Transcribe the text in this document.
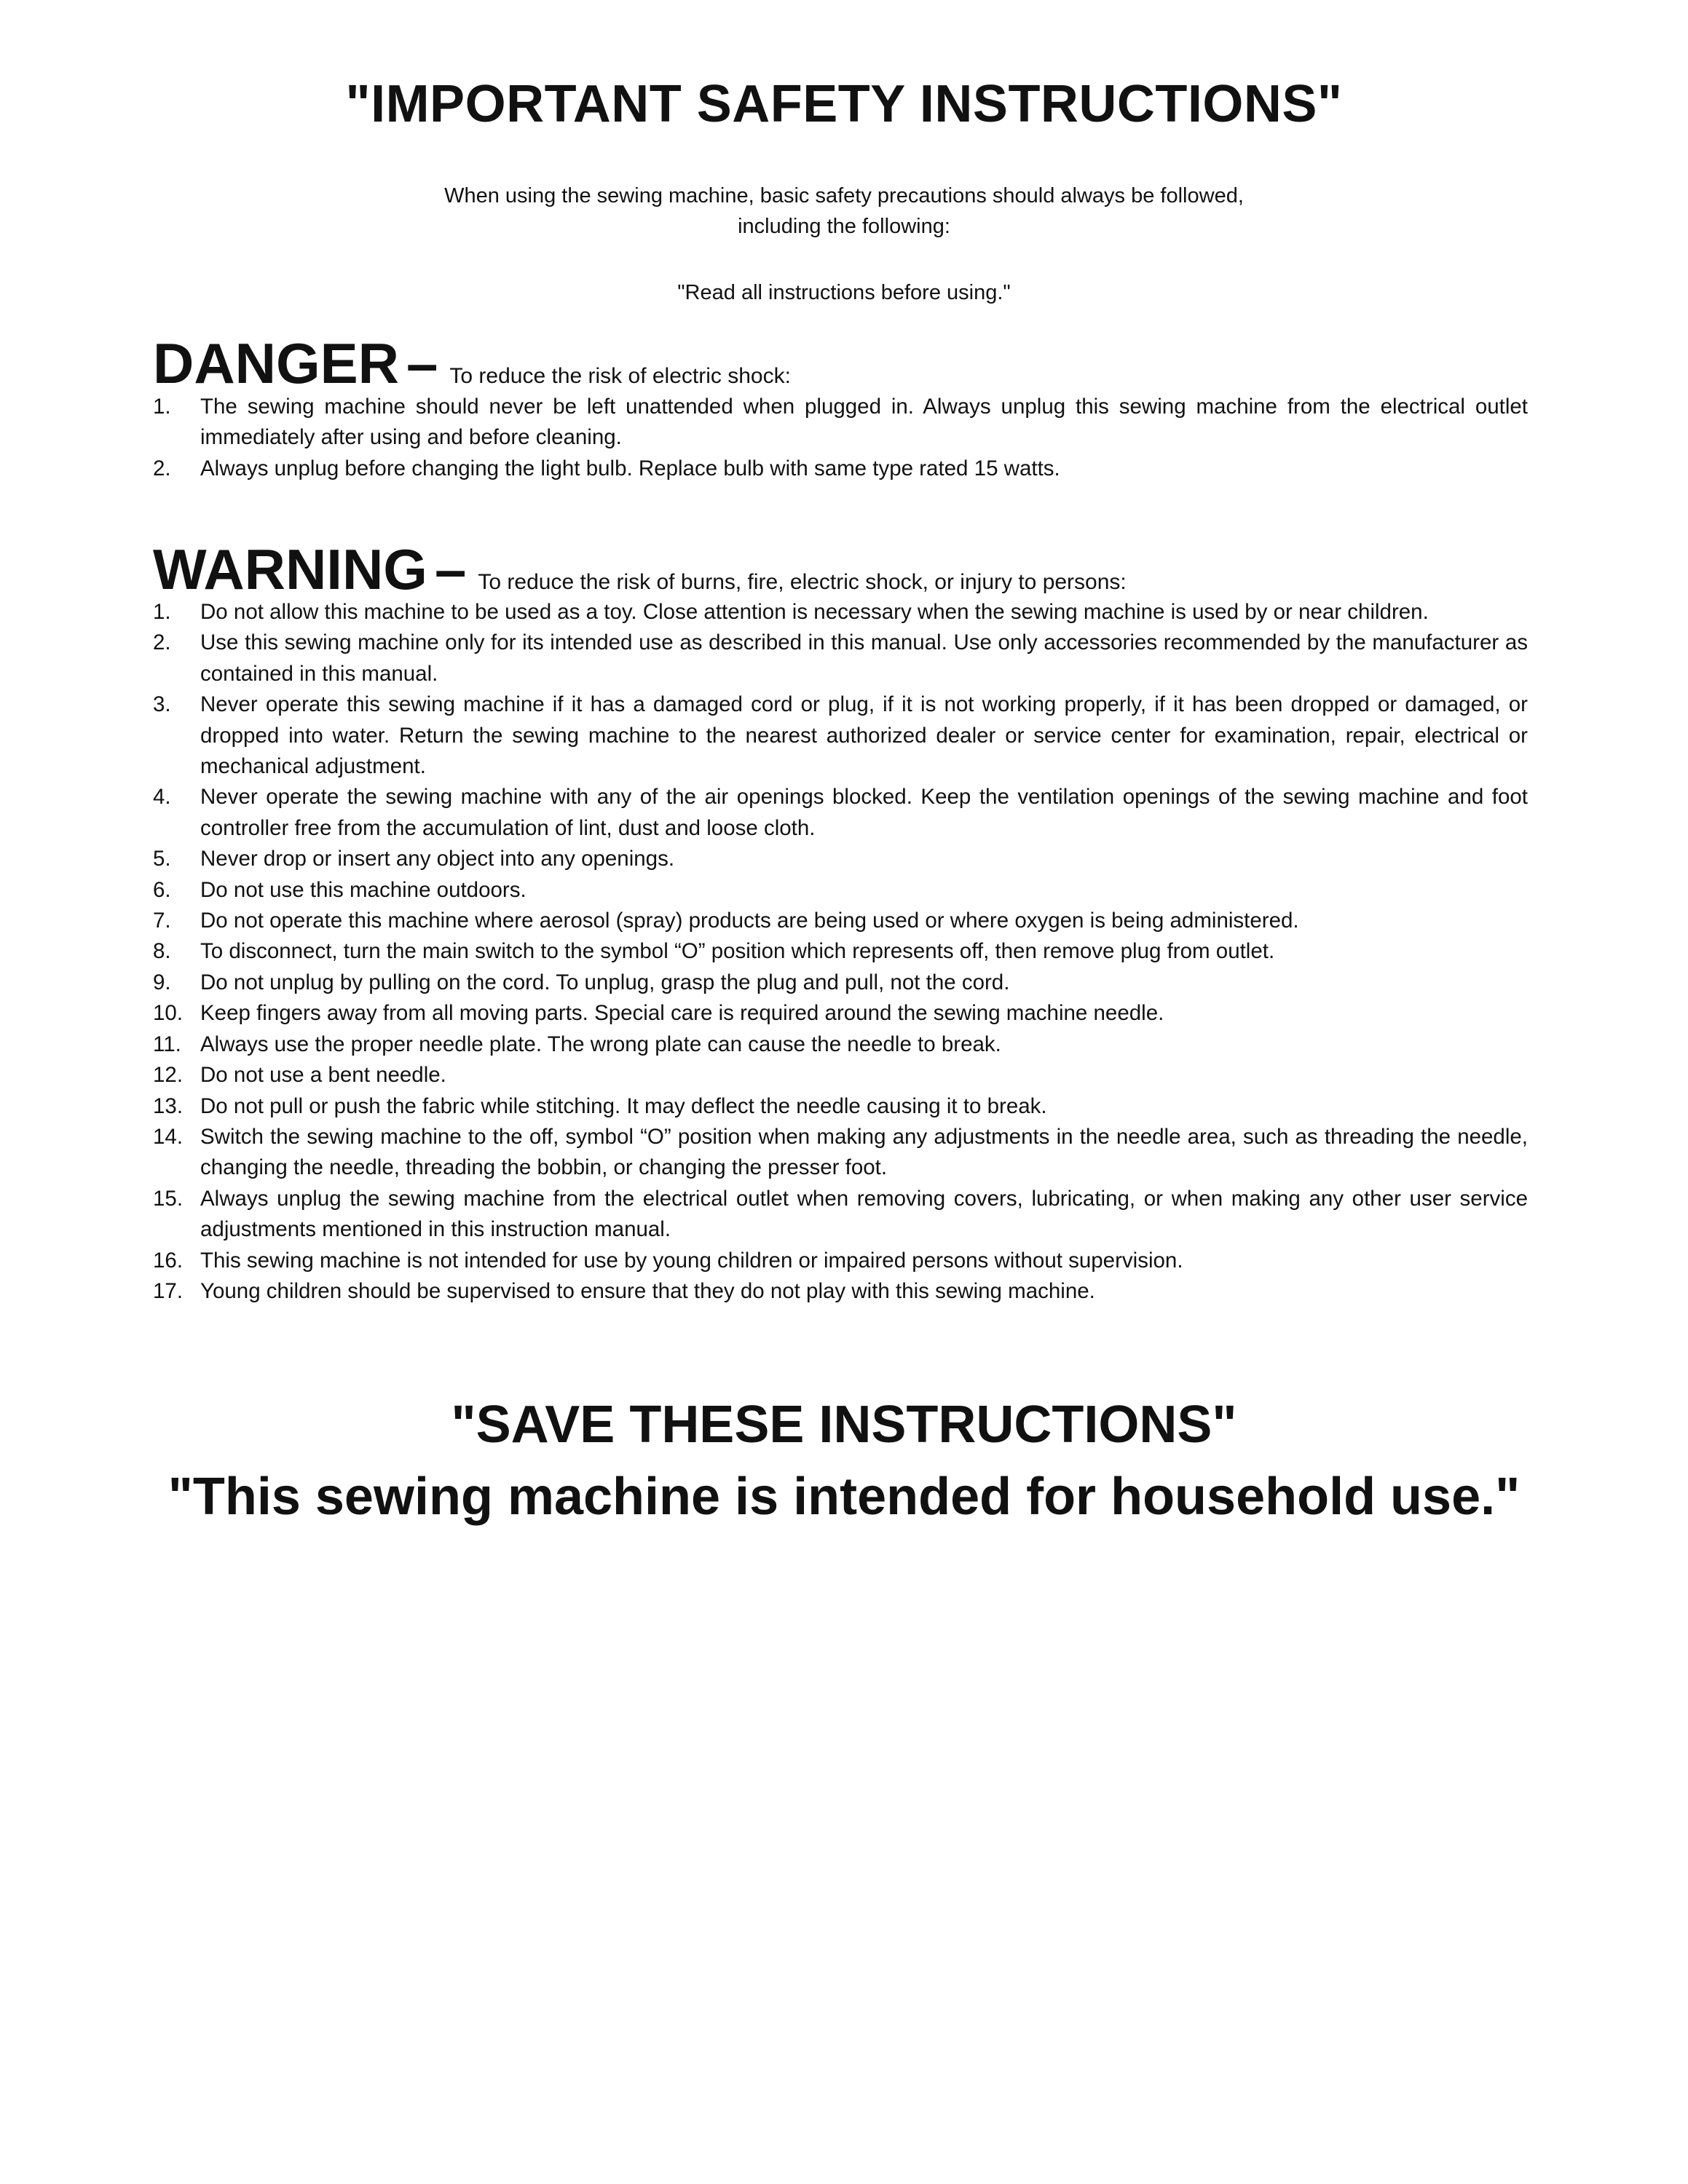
"IMPORTANT SAFETY INSTRUCTIONS"

When using the sewing machine, basic safety precautions should always be followed,

including the following:

"Read all instructions before using."
DANGER – To reduce the risk of electric shock:
1. The sewing machine should never be left unattended when plugged in. Always unplug this sewing machine from the electrical outlet immediately after using and before cleaning.
2. Always unplug before changing the light bulb. Replace bulb with same type rated 15 watts.
WARNING – To reduce the risk of burns, fire, electric shock, or injury to persons:
1. Do not allow this machine to be used as a toy. Close attention is necessary when the sewing machine is used by or near children.
2. Use this sewing machine only for its intended use as described in this manual. Use only accessories recommended by the manufacturer as contained in this manual.
3. Never operate this sewing machine if it has a damaged cord or plug, if it is not working properly, if it has been dropped or damaged, or dropped into water. Return the sewing machine to the nearest authorized dealer or service center for examination, repair, electrical or mechanical adjustment.
4. Never operate the sewing machine with any of the air openings blocked. Keep the ventilation openings of the sewing machine and foot controller free from the accumulation of lint, dust and loose cloth.
5. Never drop or insert any object into any openings.
6. Do not use this machine outdoors.
7. Do not operate this machine where aerosol (spray) products are being used or where oxygen is being administered.
8. To disconnect, turn the main switch to the symbol “O” position which represents off, then remove plug from outlet.
9. Do not unplug by pulling on the cord. To unplug, grasp the plug and pull, not the cord.
10. Keep fingers away from all moving parts. Special care is required around the sewing machine needle.
11. Always use the proper needle plate. The wrong plate can cause the needle to break.
12. Do not use a bent needle.
13. Do not pull or push the fabric while stitching. It may deflect the needle causing it to break.
14. Switch the sewing machine to the off, symbol “O” position when making any adjustments in the needle area, such as threading the needle, changing the needle, threading the bobbin, or changing the presser foot.
15. Always unplug the sewing machine from the electrical outlet when removing covers, lubricating, or when making any other user service adjustments mentioned in this instruction manual.
16. This sewing machine is not intended for use by young children or impaired persons without supervision.
17. Young children should be supervised to ensure that they do not play with this sewing machine.
"SAVE THESE INSTRUCTIONS"
"This sewing machine is intended for household use."
